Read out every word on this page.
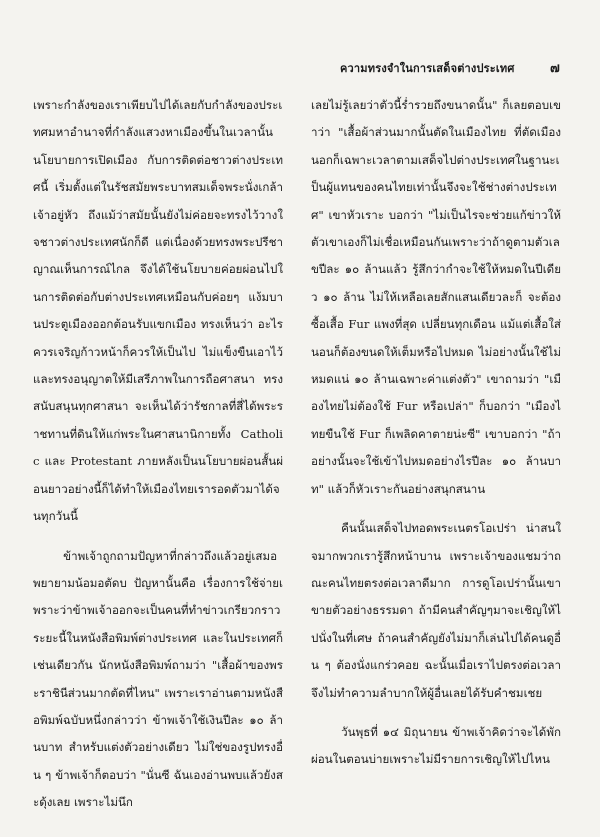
ความทรงจำในการเสด็จต่างประเทศ	๗

เพราะกำลังของเราเพียบไปได้เลยกับกำลังของประเทศมหาอำนาจที่กำลังแสวงหาเมืองขึ้นในเวลานั้น นโยบายการเปิดเมือง กับการติดต่อชาวต่างประเทศนี้ เริ่มตั้งแต่ในรัชสมัยพระบาทสมเด็จพระนั่งเกล้าเจ้าอยู่หัว ถึงแม้ว่าสมัยนั้นยังไม่ค่อยจะทรงไว้วางใจชาวต่างประเทศนักก็ดี แต่เนื่องด้วยทรงพระปรีชาญาณเห็นการณ์ไกล จึงได้ใช้นโยบายค่อยผ่อนไปในการติดต่อกับต่างประเทศเหมือนกับค่อยๆ แง้มบานประตูเมืองออกต้อนรับแขกเมือง ทรงเห็นว่า อะไรควรเจริญก้าวหน้าก็ควรให้เป็นไป ไม่แข็งขืนเอาไว้และทรงอนุญาตให้มีเสรีภาพในการถือศาสนา ทรงสนับสนุนทุกศาสนา จะเห็นได้ว่ารัชกาลที่สี่ได้พระราชทานที่ดินให้แก่พระในศาสนานิกายทั้ง Catholic และ Protestant ภายหลังเป็นนโยบายผ่อนสั้นผ่อนยาวอย่างนี้ก็ได้ทำให้เมืองไทยเรารอดตัวมาได้จนทุกวันนี้

ข้าพเจ้าถูกถามปัญหาที่กล่าวถึงแล้วอยู่เสมอ พยายามน้อมอตัดบ ปัญหานั้นคือ เรื่องการใช้จ่ายเพราะว่าข้าพเจ้าออกจะเป็นคนที่ทำข่าวเกรียวกราวระยะนี้ในหนังสือพิมพ์ต่างประเทศ และในประเทศก็เช่นเดียวกัน นักหนังสือพิมพ์ถามว่า "เสื้อผ้าของพระราชินีส่วนมากตัดที่ไหน" เพราะเราอ่านตามหนังสือพิมพ์ฉบับหนึ่งกล่าวว่า ข้าพเจ้าใช้เงินปีละ ๑๐ ล้านบาท สำหรับแต่งตัวอย่างเดียว ไม่ใช่ของรูปทรงอื่น ๆ ข้าพเจ้าก็ตอบว่า "นั่นซี ฉันเองอ่านพบแล้วยังสะดุ้งเลย เพราะไม่นึก

เลยไม่รู้เลยว่าตัวนี้ร่ำรวยถึงขนาดนั้น" ก็เลยตอบเขาว่า "เสื้อผ้าส่วนมากนั้นตัดในเมืองไทย ที่ตัดเมืองนอกก็เฉพาะเวลาตามเสด็จไปต่างประเทศในฐานะเป็นผู้แทนของคนไทยเท่านั้นจึงจะใช้ช่างต่างประเทศ" เขาหัวเราะ บอกว่า "ไม่เป็นไรจะช่วยแก้ข่าวให้ ตัวเขาเองก็ไม่เชื่อเหมือนกันเพราะว่าถ้าดูตามตัวเลขปีละ ๑๐ ล้านแล้ว รู้สึกว่ากำจะใช้ให้หมดในปีเดียว ๑๐ ล้าน ไม่ให้เหลือเลยสักแสนเดียวละก็ จะต้องซื้อเสื้อ Fur แพงที่สุด เปลี่ยนทุกเดือน แม้แต่เสื้อใส่นอนก็ต้องขนดให้เต็มหรือไปหมด ไม่อย่างนั้นใช้ไม่หมดแน่ ๑๐ ล้านเฉพาะค่าแต่งตัว" เขาถามว่า "เมืองไทยไม่ต้องใช้ Fur หรือเปล่า" ก็บอกว่า "เมืองไทยขืนใช้ Fur ก็เพลิดคาตายน่ะซี" เขาบอกว่า "ถ้าอย่างนั้นจะใช้เข้าไปหมดอย่างไรปีละ ๑๐ ล้านบาท" แล้วก็หัวเราะกันอย่างสนุกสนาน

คืนนั้นเสด็จไปทอดพระเนตรโอเปร่า น่าสนใจมากพวกเรารู้สึกหน้าบาน เพราะเจ้าของแชมว่าถณะคนไทยตรงต่อเวลาดีมาก การดูโอเปร่านั้นเขาขายตัวอย่างธรรมดา ถ้ามีคนสำคัญๆมาจะเชิญให้ไปนั่งในที่เศษ ถ้าคนสำคัญยังไม่มาก็เล่นไปได้คนดูอื่น ๆ ต้องนั่งแกร่วคอย ฉะนั้นเมื่อเราไปตรงต่อเวลาจึงไม่ทำความลำบากให้ผู้อื่นเลยได้รับคำชมเชย

วันพุธที่ ๑๔ มิถุนายน ข้าพเจ้าคิดว่าจะได้พักผ่อนในตอนบ่ายเพราะไม่มีรายการเชิญให้ไปไหน
